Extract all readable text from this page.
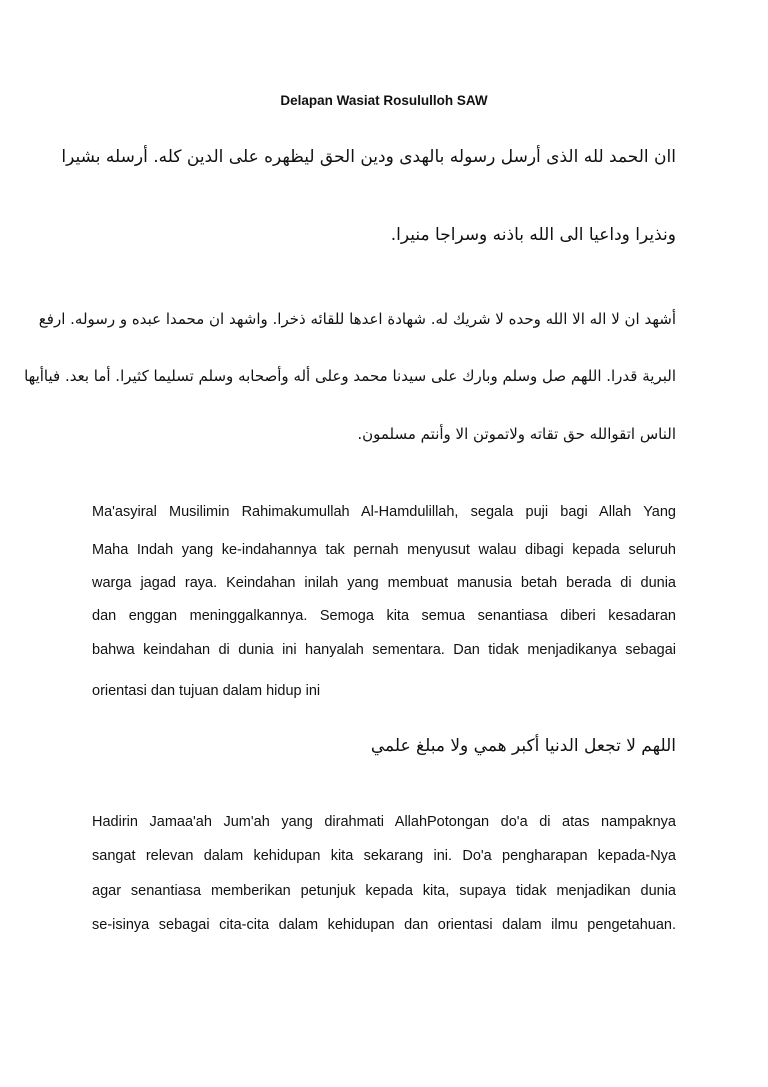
Delapan Wasiat Rosululloh SAW
اان الحمد لله الذى أرسل رسوله بالهدى ودين الحق ليظهره على الدين كله. أرسله بشيرا
ونذيرا وداعيا الى الله باذنه وسراجا منيرا.
أشهد ان لا اله الا الله وحده لا شريك له. شهادة اعدها للقائه ذخرا. واشهد ان محمدا عبده و رسوله. ارفع
البرية قدرا. اللهم صل وسلم وبارك على سيدنا محمد وعلى أله وأصحابه وسلم تسليما كثيرا. أما بعد. فياأيها
الناس اتقوالله حق تقاته ولاتموتن الا وأنتم مسلمون.
Ma'asyiral Musilimin Rahimakumullah Al-Hamdulillah, segala puji bagi Allah Yang
Maha Indah yang ke-indahannya tak pernah menyusut walau dibagi kepada seluruh
warga jagad raya. Keindahan inilah yang membuat manusia betah berada di dunia
dan enggan meninggalkannya. Semoga kita semua senantiasa diberi kesadaran
bahwa keindahan di dunia ini hanyalah sementara. Dan tidak menjadikanya sebagai
orientasi dan tujuan dalam hidup ini
اللهم لا تجعل الدنيا أكبر همي ولا مبلغ علمي
Hadirin Jamaa'ah Jum'ah yang dirahmati AllahPotongan do'a di atas nampaknya
sangat relevan dalam kehidupan kita sekarang ini. Do'a pengharapan kepada-Nya
agar senantiasa memberikan petunjuk kepada kita, supaya tidak menjadikan dunia
se-isinya sebagai cita-cita dalam kehidupan dan orientasi dalam ilmu pengetahuan.
